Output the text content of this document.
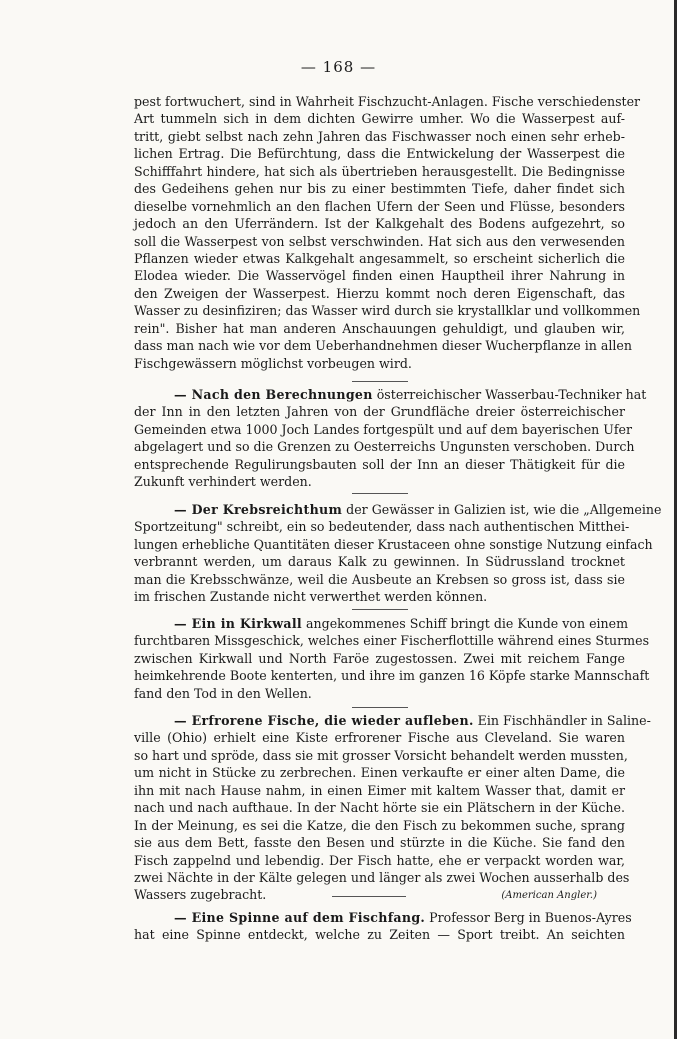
— 168 —
pest fortwuchert, sind in Wahrheit Fischzucht-Anlagen. Fische verschiedenster
Art tummeln sich in dem dichten Gewirre umher. Wo die Wasserpest auf-
tritt, giebt selbst nach zehn Jahren das Fischwasser noch einen sehr erheb-
lichen Ertrag. Die Befürchtung, dass die Entwickelung der Wasserpest die
Schifffahrt hindere, hat sich als übertrieben herausgestellt. Die Bedingnisse
des Gedeihens gehen nur bis zu einer bestimmten Tiefe, daher findet sich
dieselbe vornehmlich an den flachen Ufern der Seen und Flüsse, besonders
jedoch an den Uferrändern. Ist der Kalkgehalt des Bodens aufgezehrt, so
soll die Wasserpest von selbst verschwinden. Hat sich aus den verwesenden
Pflanzen wieder etwas Kalkgehalt angesammelt, so erscheint sicherlich die
Elodea wieder. Die Wasservögel finden einen Hauptheil ihrer Nahrung in
den Zweigen der Wasserpest. Hierzu kommt noch deren Eigenschaft, das
Wasser zu desinfiziren; das Wasser wird durch sie krystallklar und vollkommen
rein". Bisher hat man anderen Anschauungen gehuldigt, und glauben wir,
dass man nach wie vor dem Ueberhandnehmen dieser Wucherpflanze in allen
Fischgewässern möglichst vorbeugen wird.
— Nach den Berechnungen österreichischer Wasserbau-Techniker hat
der Inn in den letzten Jahren von der Grundfläche dreier österreichischer
Gemeinden etwa 1000 Joch Landes fortgespült und auf dem bayerischen Ufer
abgelagert und so die Grenzen zu Oesterreichs Ungunsten verschoben. Durch
entsprechende Regulirungsbauten soll der Inn an dieser Thätigkeit für die
Zukunft verhindert werden.
— Der Krebsreichthum der Gewässer in Galizien ist, wie die „Allgemeine
Sportzeitung" schreibt, ein so bedeutender, dass nach authentischen Mitthei-
lungen erhebliche Quantitäten dieser Krustaceen ohne sonstige Nutzung einfach
verbrannt werden, um daraus Kalk zu gewinnen. In Südrussland trocknet
man die Krebsschwänze, weil die Ausbeute an Krebsen so gross ist, dass sie
im frischen Zustande nicht verwerthet werden können.
— Ein in Kirkwall angekommenes Schiff bringt die Kunde von einem
furchtbaren Missgeschick, welches einer Fischerflottille während eines Sturmes
zwischen Kirkwall und North Faröe zugestossen. Zwei mit reichem Fange
heimkehrende Boote kenterten, und ihre im ganzen 16 Köpfe starke Mannschaft
fand den Tod in den Wellen.
— Erfrorene Fische, die wieder aufleben. Ein Fischhändler in Saline-
ville (Ohio) erhielt eine Kiste erfrorener Fische aus Cleveland. Sie waren
so hart und spröde, dass sie mit grosser Vorsicht behandelt werden mussten,
um nicht in Stücke zu zerbrechen. Einen verkaufte er einer alten Dame, die
ihn mit nach Hause nahm, in einen Eimer mit kaltem Wasser that, damit er
nach und nach aufthaue. In der Nacht hörte sie ein Plätschern in der Küche.
In der Meinung, es sei die Katze, die den Fisch zu bekommen suche, sprang
sie aus dem Bett, fasste den Besen und stürzte in die Küche. Sie fand den
Fisch zappelnd und lebendig. Der Fisch hatte, ehe er verpackt worden war,
zwei Nächte in der Kälte gelegen und länger als zwei Wochen ausserhalb des
Wassers zugebracht.	(American Angler.)
— Eine Spinne auf dem Fischfang. Professor Berg in Buenos-Ayres
hat eine Spinne entdeckt, welche zu Zeiten — Sport treibt. An seichten
